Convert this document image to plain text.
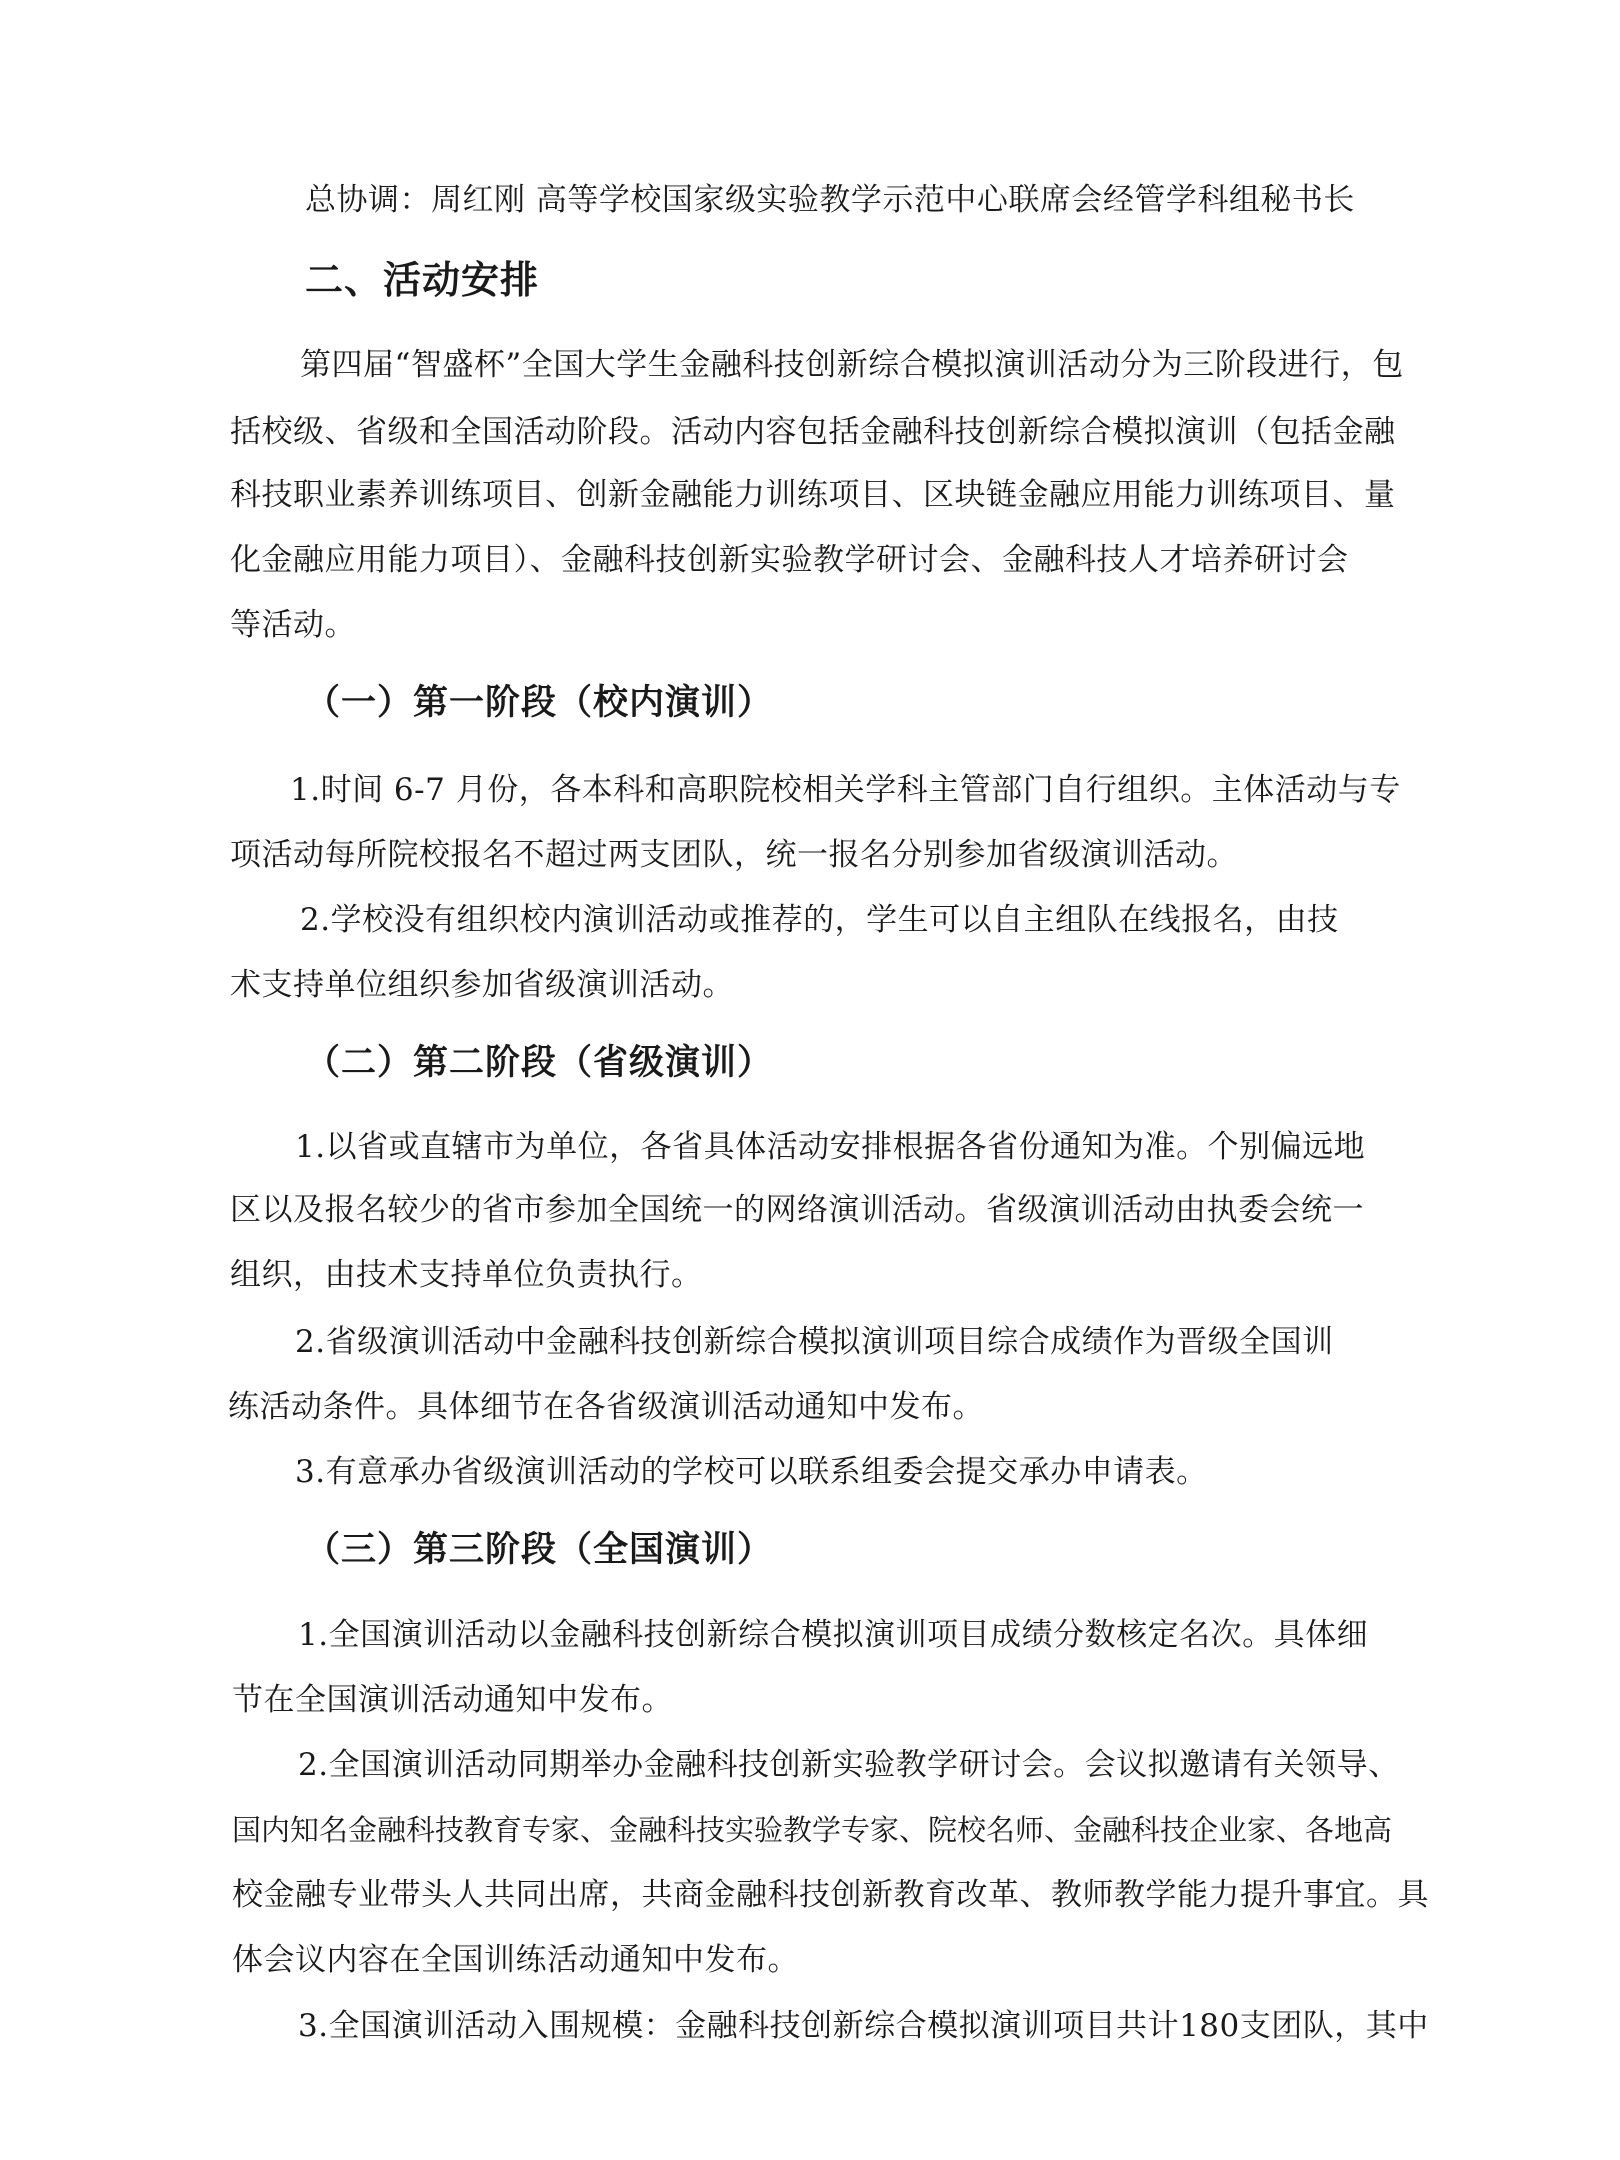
总协调：周红刚 高等学校国家级实验教学示范中心联席会经管学科组秘书长
二、活动安排
第四届“智盛杯”全国大学生金融科技创新综合模拟演训活动分为三阶段进行，包
括校级、省级和全国活动阶段。活动内容包括金融科技创新综合模拟演训（包括金融
科技职业素养训练项目、创新金融能力训练项目、区块链金融应用能力训练项目、量
化金融应用能力项目）、金融科技创新实验教学研讨会、金融科技人才培养研讨会
等活动。
（一）第一阶段（校内演训）
1.时间 6-7 月份，各本科和高职院校相关学科主管部门自行组织。主体活动与专
项活动每所院校报名不超过两支团队，统一报名分别参加省级演训活动。
2.学校没有组织校内演训活动或推荐的，学生可以自主组队在线报名，由技
术支持单位组织参加省级演训活动。
（二）第二阶段（省级演训）
1.以省或直辖市为单位，各省具体活动安排根据各省份通知为准。个别偏远地
区以及报名较少的省市参加全国统一的网络演训活动。省级演训活动由执委会统一
组织，由技术支持单位负责执行。
2.省级演训活动中金融科技创新综合模拟演训项目综合成绩作为晋级全国训
练活动条件。具体细节在各省级演训活动通知中发布。
3.有意承办省级演训活动的学校可以联系组委会提交承办申请表。
（三）第三阶段（全国演训）
1.全国演训活动以金融科技创新综合模拟演训项目成绩分数核定名次。具体细
节在全国演训活动通知中发布。
2.全国演训活动同期举办金融科技创新实验教学研讨会。会议拟邀请有关领导、
国内知名金融科技教育专家、金融科技实验教学专家、院校名师、金融科技企业家、各地高
校金融专业带头人共同出席，共商金融科技创新教育改革、教师教学能力提升事宜。具
体会议内容在全国训练活动通知中发布。
3.全国演训活动入围规模：金融科技创新综合模拟演训项目共计180支团队，其中
